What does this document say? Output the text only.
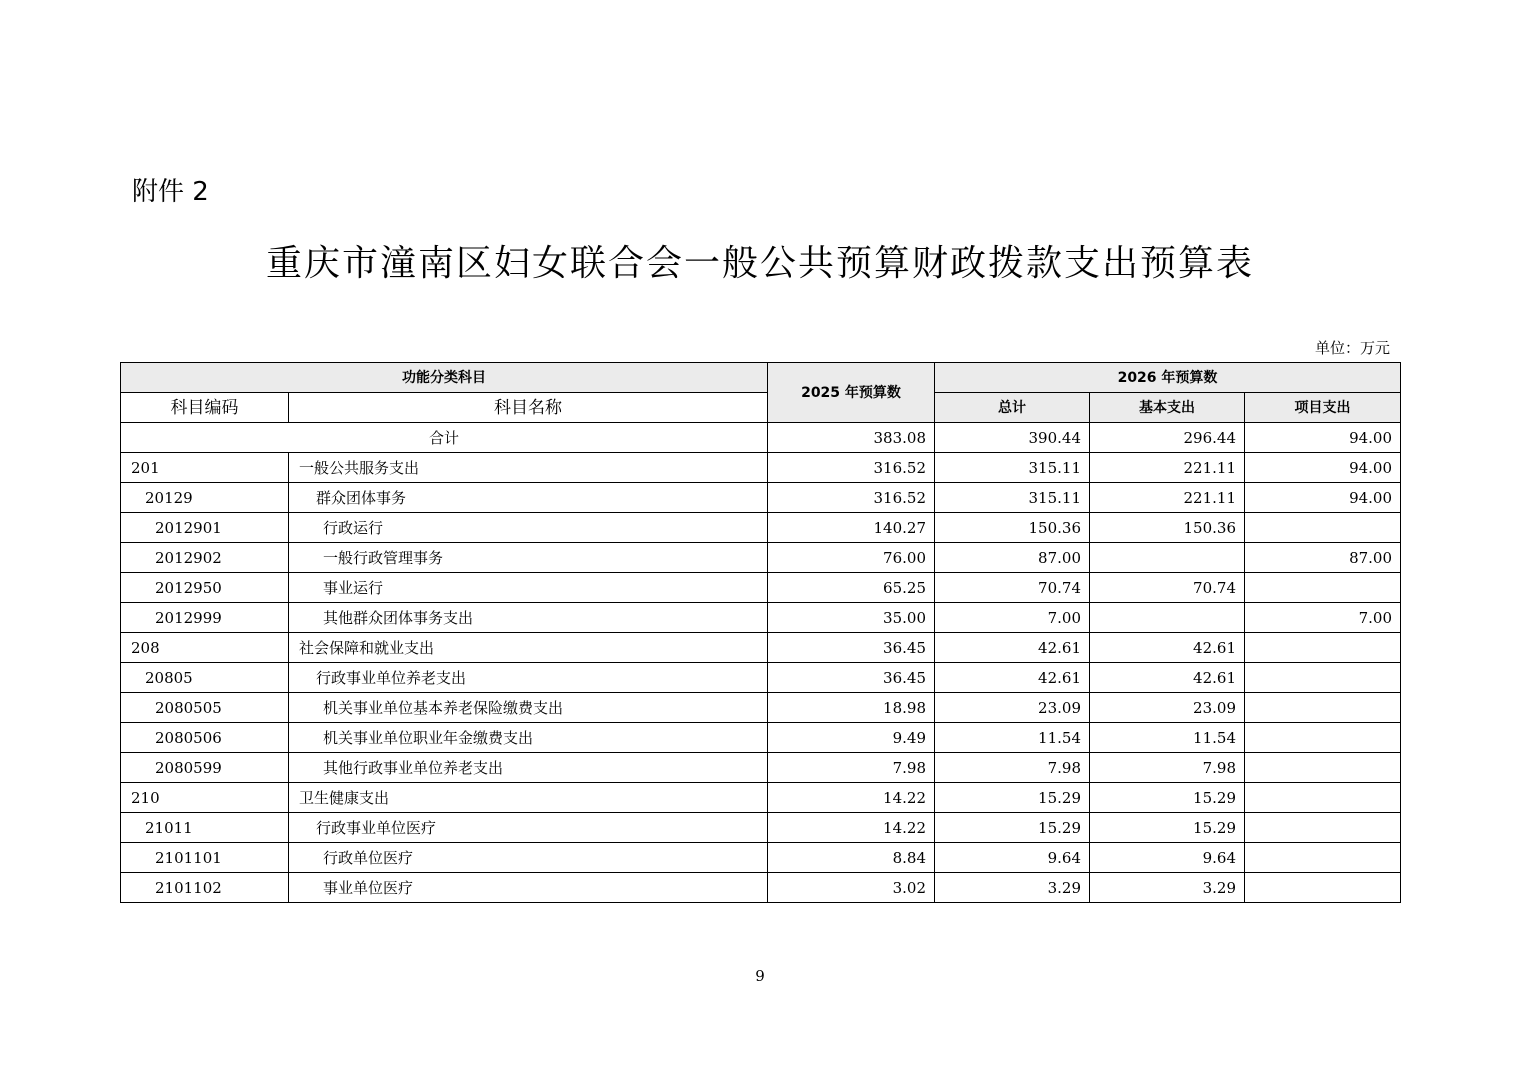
附件 2
重庆市潼南区妇女联合会一般公共预算财政拨款支出预算表
单位：万元
功能分类科目		2025 年预算数	2026 年预算数		
科目编码	科目名称		总计	基本支出	项目支出
合计		383.08	390.44	296.44	94.00
201	一般公共服务支出	316.52	315.11	221.11	94.00
20129	群众团体事务	316.52	315.11	221.11	94.00
2012901	行政运行	140.27	150.36	150.36	
2012902	一般行政管理事务	76.00	87.00		87.00
2012950	事业运行	65.25	70.74	70.74	
2012999	其他群众团体事务支出	35.00	7.00		7.00
208	社会保障和就业支出	36.45	42.61	42.61	
20805	行政事业单位养老支出	36.45	42.61	42.61	
2080505	机关事业单位基本养老保险缴费支出	18.98	23.09	23.09	
2080506	机关事业单位职业年金缴费支出	9.49	11.54	11.54	
2080599	其他行政事业单位养老支出	7.98	7.98	7.98	
210	卫生健康支出	14.22	15.29	15.29	
21011	行政事业单位医疗	14.22	15.29	15.29	
2101101	行政单位医疗	8.84	9.64	9.64	
2101102	事业单位医疗	3.02	3.29	3.29	
9
